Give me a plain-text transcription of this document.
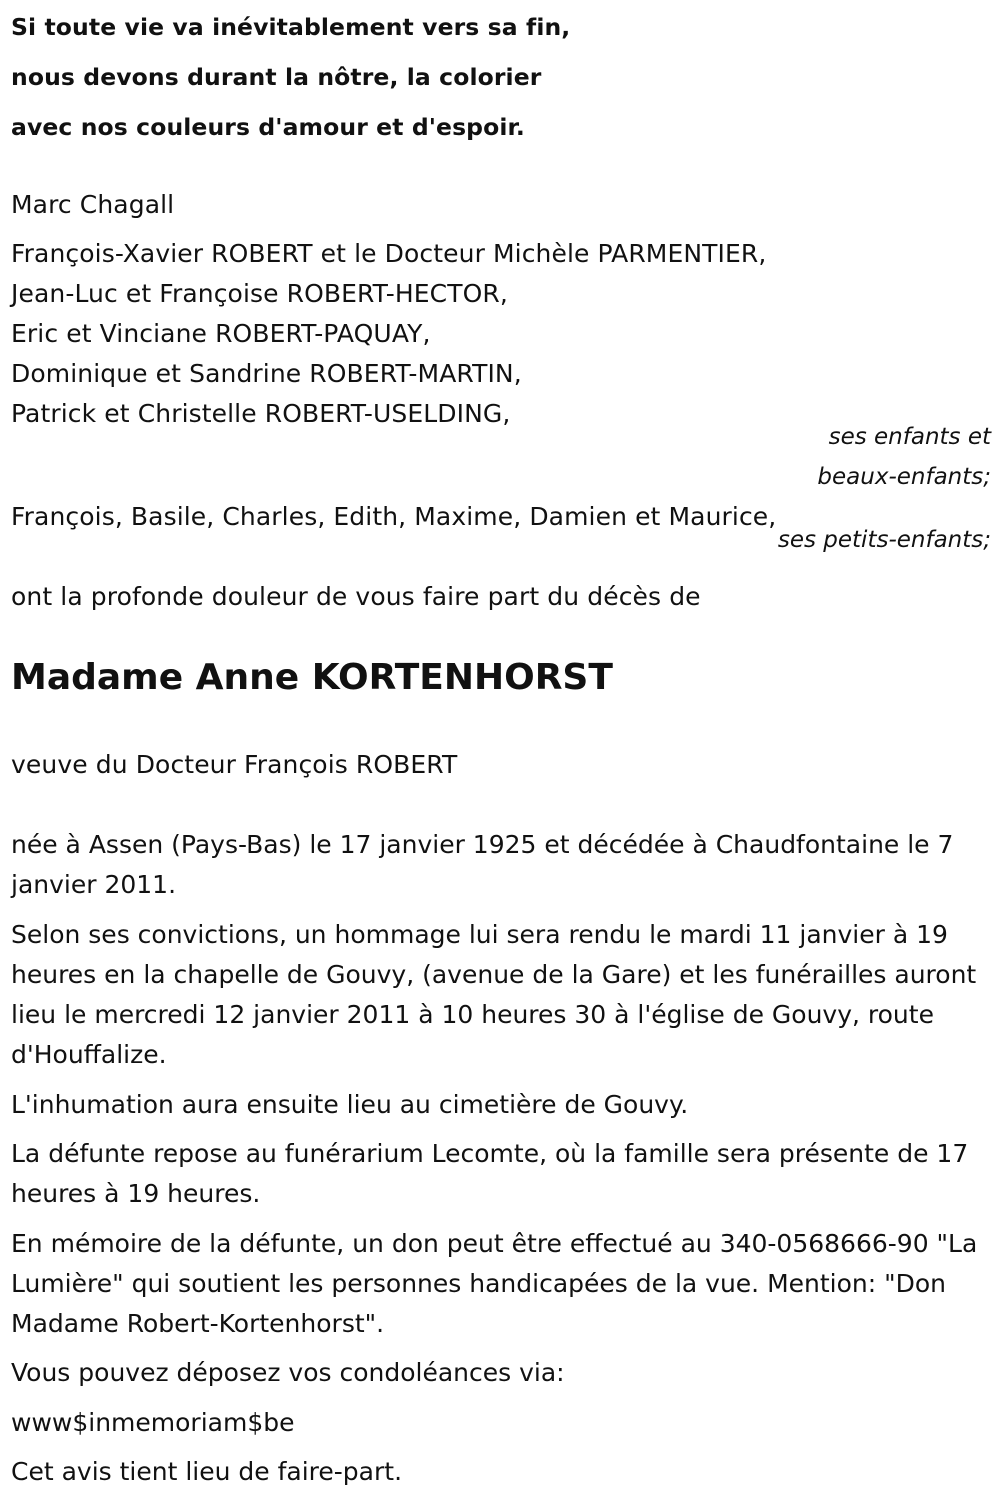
Si toute vie va inévitablement vers sa fin,
nous devons durant la nôtre, la colorier
avec nos couleurs d'amour et d'espoir.
Marc Chagall
François-Xavier ROBERT et le Docteur Michèle PARMENTIER,
Jean-Luc et Françoise ROBERT-HECTOR,
Eric et Vinciane ROBERT-PAQUAY,
Dominique et Sandrine ROBERT-MARTIN,
Patrick et Christelle ROBERT-USELDING,
ses enfants et
beaux-enfants;
François, Basile, Charles, Edith, Maxime, Damien et Maurice,
ses petits-enfants;
ont la profonde douleur de vous faire part du décès de
Madame Anne KORTENHORST
veuve du Docteur François ROBERT
née à Assen (Pays-Bas) le 17 janvier 1925 et décédée à Chaudfontaine le 7 janvier 2011.
Selon ses convictions, un hommage lui sera rendu le mardi 11 janvier à 19 heures en la chapelle de Gouvy, (avenue de la Gare) et les funérailles auront lieu le mercredi 12 janvier 2011 à 10 heures 30 à l'église de Gouvy, route d'Houffalize.
L'inhumation aura ensuite lieu au cimetière de Gouvy.
La défunte repose au funérarium Lecomte, où la famille sera présente de 17 heures à 19 heures.
En mémoire de la défunte, un don peut être effectué au 340-0568666-90 "La Lumière" qui soutient les personnes handicapées de la vue. Mention: "Don Madame Robert-Kortenhorst".
Vous pouvez déposez vos condoléances via:
www$inmemoriam$be
Cet avis tient lieu de faire-part.
